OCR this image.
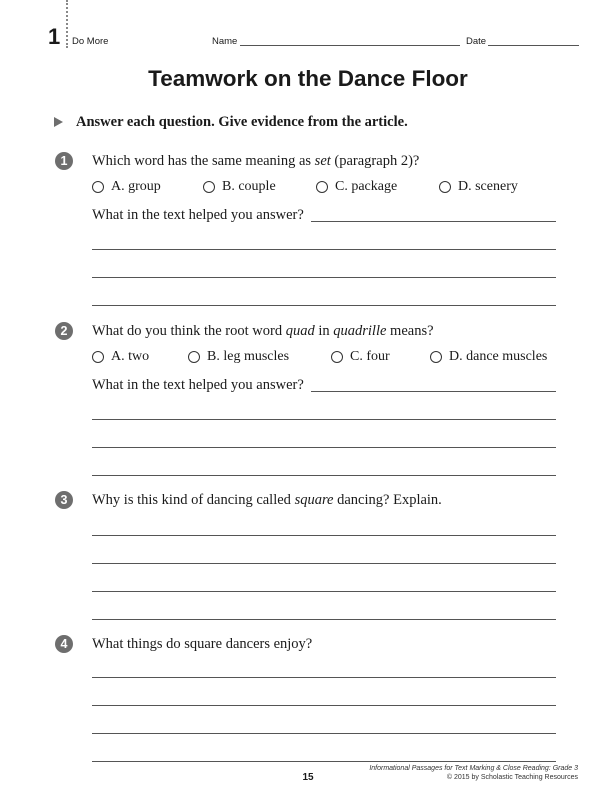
1 Do More	Name	Date
Teamwork on the Dance Floor
Answer each question. Give evidence from the article.
1	Which word has the same meaning as set (paragraph 2)?
A. group	B. couple	C. package	D. scenery
What in the text helped you answer?
2	What do you think the root word quad in quadrille means?
A. two	B. leg muscles	C. four	D. dance muscles
What in the text helped you answer?
3	Why is this kind of dancing called square dancing? Explain.
4	What things do square dancers enjoy?
15
Informational Passages for Text Marking & Close Reading: Grade 3
© 2015 by Scholastic Teaching Resources
